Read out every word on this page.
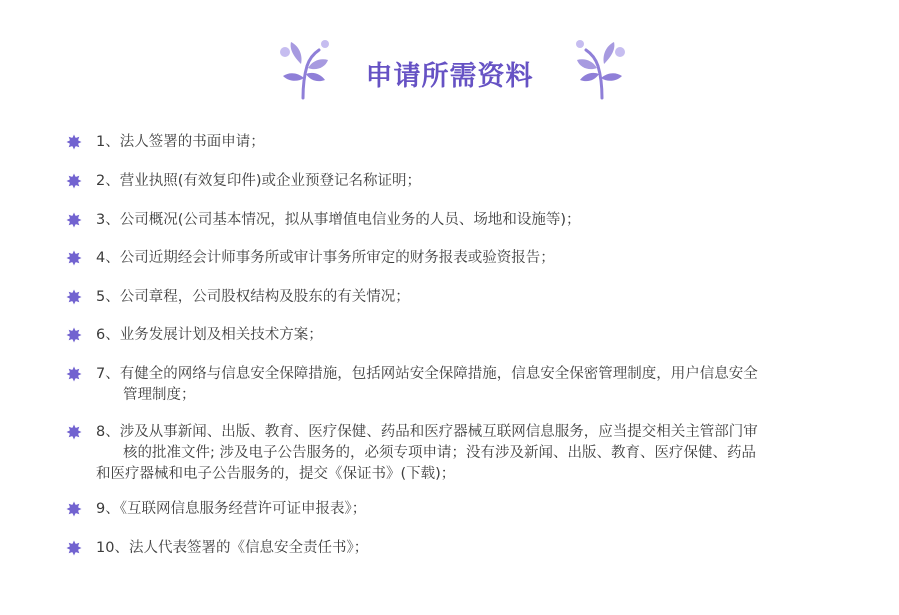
申请所需资料
1、法人签署的书面申请；
2、营业执照(有效复印件)或企业预登记名称证明；
3、公司概况(公司基本情况，拟从事增值电信业务的人员、场地和设施等)；
4、公司近期经会计师事务所或审计事务所审定的财务报表或验资报告；
5、公司章程，公司股权结构及股东的有关情况；
6、业务发展计划及相关技术方案；
7、有健全的网络与信息安全保障措施，包括网站安全保障措施，信息安全保密管理制度，用户信息安全
管理制度；
8、涉及从事新闻、出版、教育、医疗保健、药品和医疗器械互联网信息服务，应当提交相关主管部门审
核的批准文件; 涉及电子公告服务的，必须专项申请；没有涉及新闻、出版、教育、医疗保健、药品
和医疗器械和电子公告服务的，提交《保证书》(下载)；
9、《互联网信息服务经营许可证申报表》；
10、法人代表签署的《信息安全责任书》；
